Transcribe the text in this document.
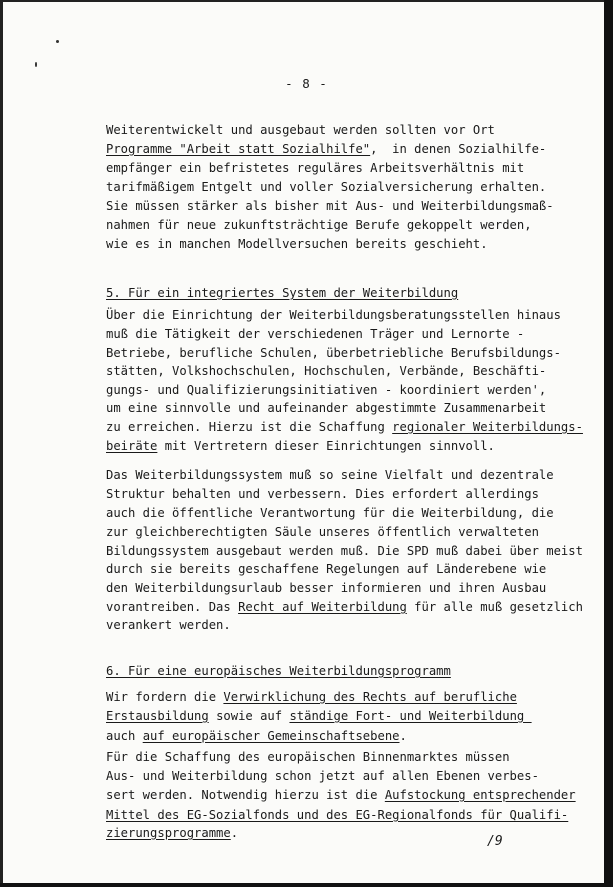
- 8 -
Weiterentwickelt und ausgebaut werden sollten vor Ort
Programme "Arbeit statt Sozialhilfe",  in denen Sozialhilfe-
empfänger ein befristetes reguläres Arbeitsverhältnis mit
tarifmäßigem Entgelt und voller Sozialversicherung erhalten.
Sie müssen stärker als bisher mit Aus- und Weiterbildungsmaß-
nahmen für neue zukunftsträchtige Berufe gekoppelt werden,
wie es in manchen Modellversuchen bereits geschieht.
5. Für ein integriertes System der Weiterbildung
Über die Einrichtung der Weiterbildungsberatungsstellen hinaus
muß die Tätigkeit der verschiedenen Träger und Lernorte -
Betriebe, berufliche Schulen, überbetriebliche Berufsbildungs-
stätten, Volkshochschulen, Hochschulen, Verbände, Beschäfti-
gungs- und Qualifizierungsinitiativen - koordiniert werden',
um eine sinnvolle und aufeinander abgestimmte Zusammenarbeit
zu erreichen. Hierzu ist die Schaffung regionaler Weiterbildungs-
beiräte mit Vertretern dieser Einrichtungen sinnvoll.
Das Weiterbildungssystem muß so seine Vielfalt und dezentrale
Struktur behalten und verbessern. Dies erfordert allerdings
auch die öffentliche Verantwortung für die Weiterbildung, die
zur gleichberechtigten Säule unseres öffentlich verwalteten
Bildungssystem ausgebaut werden muß. Die SPD muß dabei über meist
durch sie bereits geschaffene Regelungen auf Länderebene wie
den Weiterbildungsurlaub besser informieren und ihren Ausbau
vorantreiben. Das Recht auf Weiterbildung für alle muß gesetzlich
verankert werden.
6. Für eine europäisches Weiterbildungsprogramm
Wir fordern die Verwirklichung des Rechts auf berufliche
Erstausbildung sowie auf ständige Fort- und Weiterbildung
auch auf europäischer Gemeinschaftsebene.
Für die Schaffung des europäischen Binnenmarktes müssen
Aus- und Weiterbildung schon jetzt auf allen Ebenen verbes-
sert werden. Notwendig hierzu ist die Aufstockung entsprechender
Mittel des EG-Sozialfonds und des EG-Regionalfonds für Qualifi-
zierungsprogramme.
/9
